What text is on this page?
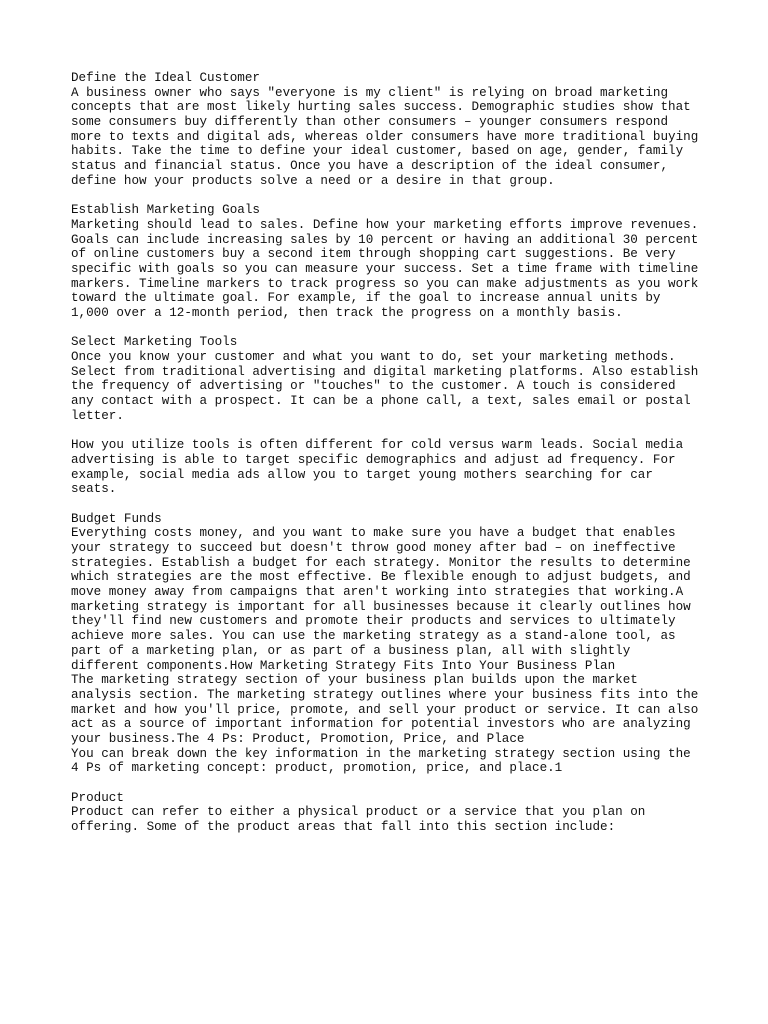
Define the Ideal Customer
A business owner who says "everyone is my client" is relying on broad marketing
concepts that are most likely hurting sales success. Demographic studies show that
some consumers buy differently than other consumers – younger consumers respond
more to texts and digital ads, whereas older consumers have more traditional buying
habits. Take the time to define your ideal customer, based on age, gender, family
status and financial status. Once you have a description of the ideal consumer,
define how your products solve a need or a desire in that group.
Establish Marketing Goals
Marketing should lead to sales. Define how your marketing efforts improve revenues.
Goals can include increasing sales by 10 percent or having an additional 30 percent
of online customers buy a second item through shopping cart suggestions. Be very
specific with goals so you can measure your success. Set a time frame with timeline
markers. Timeline markers to track progress so you can make adjustments as you work
toward the ultimate goal. For example, if the goal to increase annual units by
1,000 over a 12-month period, then track the progress on a monthly basis.
Select Marketing Tools
Once you know your customer and what you want to do, set your marketing methods.
Select from traditional advertising and digital marketing platforms. Also establish
the frequency of advertising or "touches" to the customer. A touch is considered
any contact with a prospect. It can be a phone call, a text, sales email or postal
letter.
How you utilize tools is often different for cold versus warm leads. Social media
advertising is able to target specific demographics and adjust ad frequency. For
example, social media ads allow you to target young mothers searching for car
seats.
Budget Funds
Everything costs money, and you want to make sure you have a budget that enables
your strategy to succeed but doesn't throw good money after bad – on ineffective
strategies. Establish a budget for each strategy. Monitor the results to determine
which strategies are the most effective. Be flexible enough to adjust budgets, and
move money away from campaigns that aren't working into strategies that working.A
marketing strategy is important for all businesses because it clearly outlines how
they'll find new customers and promote their products and services to ultimately
achieve more sales. You can use the marketing strategy as a stand-alone tool, as
part of a marketing plan, or as part of a business plan, all with slightly
different components.How Marketing Strategy Fits Into Your Business Plan
The marketing strategy section of your business plan builds upon the market
analysis section. The marketing strategy outlines where your business fits into the
market and how you'll price, promote, and sell your product or service. It can also
act as a source of important information for potential investors who are analyzing
your business.The 4 Ps: Product, Promotion, Price, and Place
You can break down the key information in the marketing strategy section using the
4 Ps of marketing concept: product, promotion, price, and place.1
Product
Product can refer to either a physical product or a service that you plan on
offering. Some of the product areas that fall into this section include:
